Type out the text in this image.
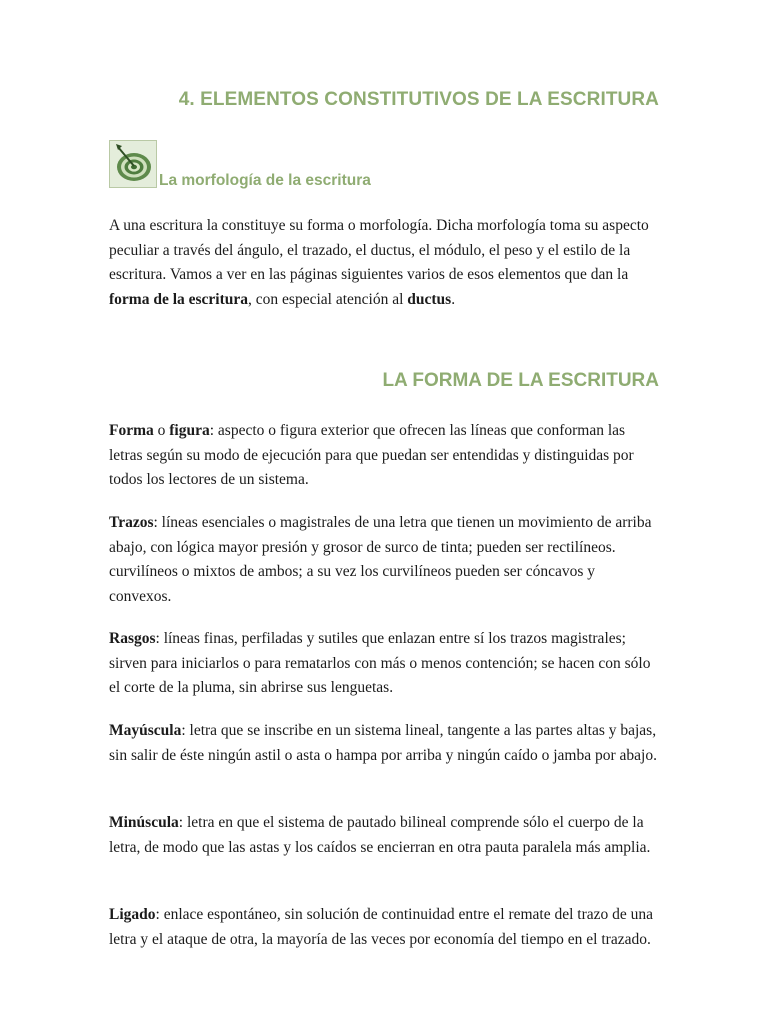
4. ELEMENTOS CONSTITUTIVOS DE LA ESCRITURA
La morfología de la escritura

A una escritura la constituye su forma o morfología. Dicha morfología toma su aspecto peculiar a través del ángulo, el trazado, el ductus, el módulo, el peso y el estilo de la escritura. Vamos a ver en las páginas siguientes varios de esos elementos que dan la forma de la escritura, con especial atención al ductus.

LA FORMA DE LA ESCRITURA

Forma o figura: aspecto o figura exterior que ofrecen las líneas que conforman las letras según su modo de ejecución para que puedan ser entendidas y distinguidas por todos los lectores de un sistema.

Trazos: líneas esenciales o magistrales de una letra que tienen un movimiento de arriba abajo, con lógica mayor presión y grosor de surco de tinta; pueden ser rectilíneos. curvilíneos o mixtos de ambos; a su vez los curvilíneos pueden ser cóncavos y convexos.

Rasgos: líneas finas, perfiladas y sutiles que enlazan entre sí los trazos magistrales; sirven para iniciarlos o para rematarlos con más o menos contención; se hacen con sólo el corte de la pluma, sin abrirse sus lenguetas.

Mayúscula: letra que se inscribe en un sistema lineal, tangente a las partes altas y bajas, sin salir de éste ningún astil o asta o hampa por arriba y ningún caído o jamba por abajo.

Minúscula: letra en que el sistema de pautado bilineal comprende sólo el cuerpo de la letra, de modo que las astas y los caídos se encierran en otra pauta paralela más amplia.

Ligado: enlace espontáneo, sin solución de continuidad entre el remate del trazo de una letra y el ataque de otra, la mayoría de las veces por economía del tiempo en el trazado.
